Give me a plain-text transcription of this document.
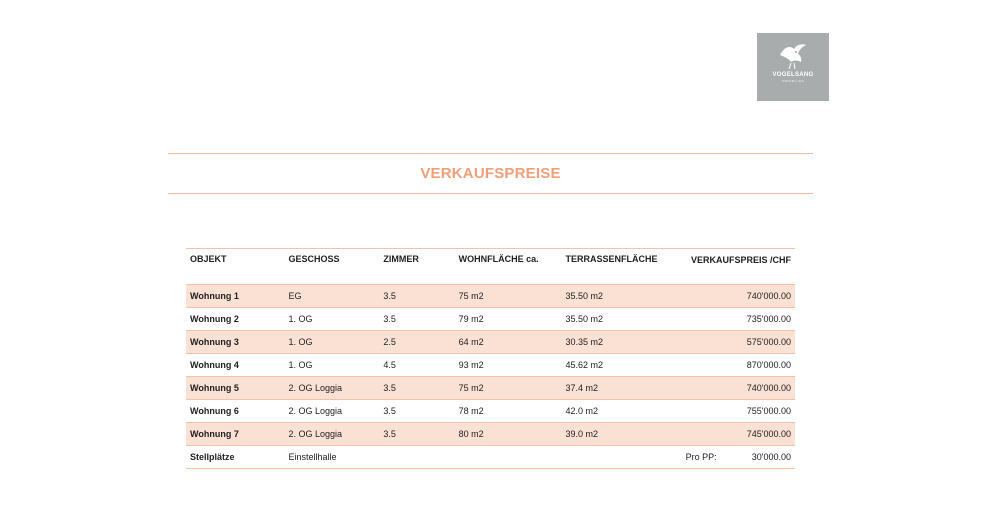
VOGELSANG
IMMOBILIEN
VERKAUFSPREISE
OBJEKT	GESCHOSS	ZIMMER	WOHNFLÄCHE ca.	TERRASSENFLÄCHE	VERKAUFSPREIS /CHF
Wohnung 1	EG	3.5	75 m2	35.50 m2	740'000.00
Wohnung 2	1. OG	3.5	79 m2	35.50 m2	735'000.00
Wohnung 3	1. OG	2.5	64 m2	30.35 m2	575'000.00
Wohnung 4	1. OG	4.5	93 m2	45.62 m2	870'000.00
Wohnung 5	2. OG Loggia	3.5	75 m2	37.4 m2	740'000.00
Wohnung 6	2. OG Loggia	3.5	78 m2	42.0 m2	755'000.00
Wohnung 7	2. OG Loggia	3.5	80 m2	39.0 m2	745'000.00
Stellplätze	Einstellhalle				Pro PP: 30'000.00
